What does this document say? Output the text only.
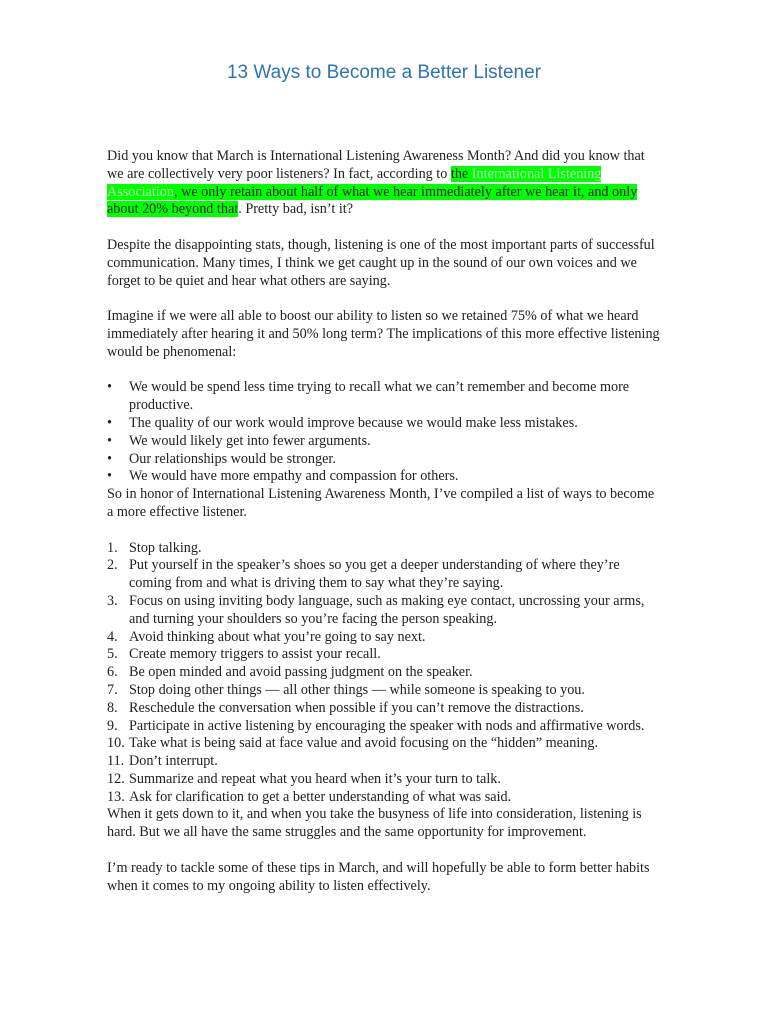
13 Ways to Become a Better Listener

Did you know that March is International Listening Awareness Month? And did you know that we are collectively very poor listeners? In fact, according to the International Listening Association, we only retain about half of what we hear immediately after we hear it, and only about 20% beyond that. Pretty bad, isn’t it?

Despite the disappointing stats, though, listening is one of the most important parts of successful communication. Many times, I think we get caught up in the sound of our own voices and we forget to be quiet and hear what others are saying.

Imagine if we were all able to boost our ability to listen so we retained 75% of what we heard immediately after hearing it and 50% long term? The implications of this more effective listening would be phenomenal:

• We would be spend less time trying to recall what we can’t remember and become more productive.
• The quality of our work would improve because we would make less mistakes.
• We would likely get into fewer arguments.
• Our relationships would be stronger.
• We would have more empathy and compassion for others.

So in honor of International Listening Awareness Month, I’ve compiled a list of ways to become a more effective listener.

1. Stop talking.
2. Put yourself in the speaker’s shoes so you get a deeper understanding of where they’re coming from and what is driving them to say what they’re saying.
3. Focus on using inviting body language, such as making eye contact, uncrossing your arms, and turning your shoulders so you’re facing the person speaking.
4. Avoid thinking about what you’re going to say next.
5. Create memory triggers to assist your recall.
6. Be open minded and avoid passing judgment on the speaker.
7. Stop doing other things — all other things — while someone is speaking to you.
8. Reschedule the conversation when possible if you can’t remove the distractions.
9. Participate in active listening by encouraging the speaker with nods and affirmative words.
10. Take what is being said at face value and avoid focusing on the “hidden” meaning.
11. Don’t interrupt.
12. Summarize and repeat what you heard when it’s your turn to talk.
13. Ask for clarification to get a better understanding of what was said.

When it gets down to it, and when you take the busyness of life into consideration, listening is hard. But we all have the same struggles and the same opportunity for improvement.

I’m ready to tackle some of these tips in March, and will hopefully be able to form better habits when it comes to my ongoing ability to listen effectively.
